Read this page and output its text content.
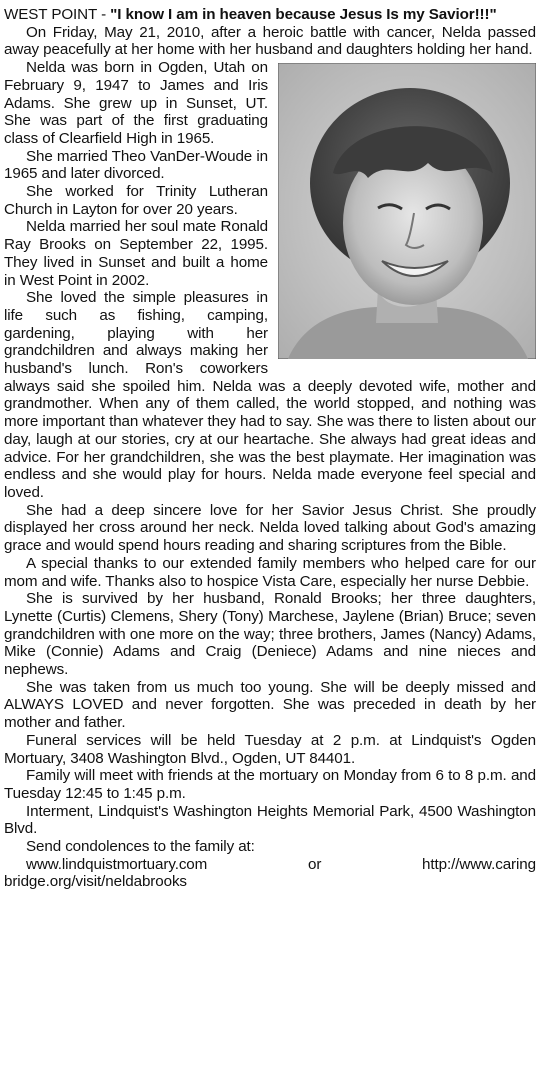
WEST POINT - "I know I am in heaven because Jesus Is my Savior!!!"

On Friday, May 21, 2010, after a heroic battle with cancer, Nelda passed away peacefully at her home with her husband and daughters holding her hand.

Nelda was born in Ogden, Utah on February 9, 1947 to James and Iris Adams. She grew up in Sunset, UT. She was part of the first graduating class of Clearfield High in 1965.

She married Theo VanDer-Woude in 1965 and later divorced.

She worked for Trinity Lutheran Church in Layton for over 20 years.

Nelda married her soul mate Ronald Ray Brooks on September 22, 1995. They lived in Sunset and built a home in West Point in 2002.

She loved the simple pleasures in life such as fishing, camping, gardening, playing with her grandchildren and always making her husband's lunch. Ron's coworkers always said she spoiled him. Nelda was a deeply devoted wife, mother and grandmother. When any of them called, the world stopped, and nothing was more important than whatever they had to say. She was there to listen about our day, laugh at our stories, cry at our heartache. She always had great ideas and advice. For her grandchildren, she was the best playmate. Her imagination was endless and she would play for hours. Nelda made everyone feel special and loved.

She had a deep sincere love for her Savior Jesus Christ. She proudly displayed her cross around her neck. Nelda loved talking about God's amazing grace and would spend hours reading and sharing scriptures from the Bible.

A special thanks to our extended family members who helped care for our mom and wife. Thanks also to hospice Vista Care, especially her nurse Debbie.

She is survived by her husband, Ronald Brooks; her three daughters, Lynette (Curtis) Clemens, Shery (Tony) Marchese, Jaylene (Brian) Bruce; seven grandchildren with one more on the way; three brothers, James (Nancy) Adams, Mike (Connie) Adams and Craig (Deniece) Adams and nine nieces and nephews.

She was taken from us much too young. She will be deeply missed and ALWAYS LOVED and never forgotten. She was preceded in death by her mother and father.

Funeral services will be held Tuesday at 2 p.m. at Lindquist's Ogden Mortuary, 3408 Washington Blvd., Ogden, UT 84401.

Family will meet with friends at the mortuary on Monday from 6 to 8 p.m. and Tuesday 12:45 to 1:45 p.m.

Interment, Lindquist's Washington Heights Memorial Park, 4500 Washington Blvd.

Send condolences to the family at:

www.lindquistmortuary.com	or	http://www.caring
bridge.org/visit/neldabrooks
